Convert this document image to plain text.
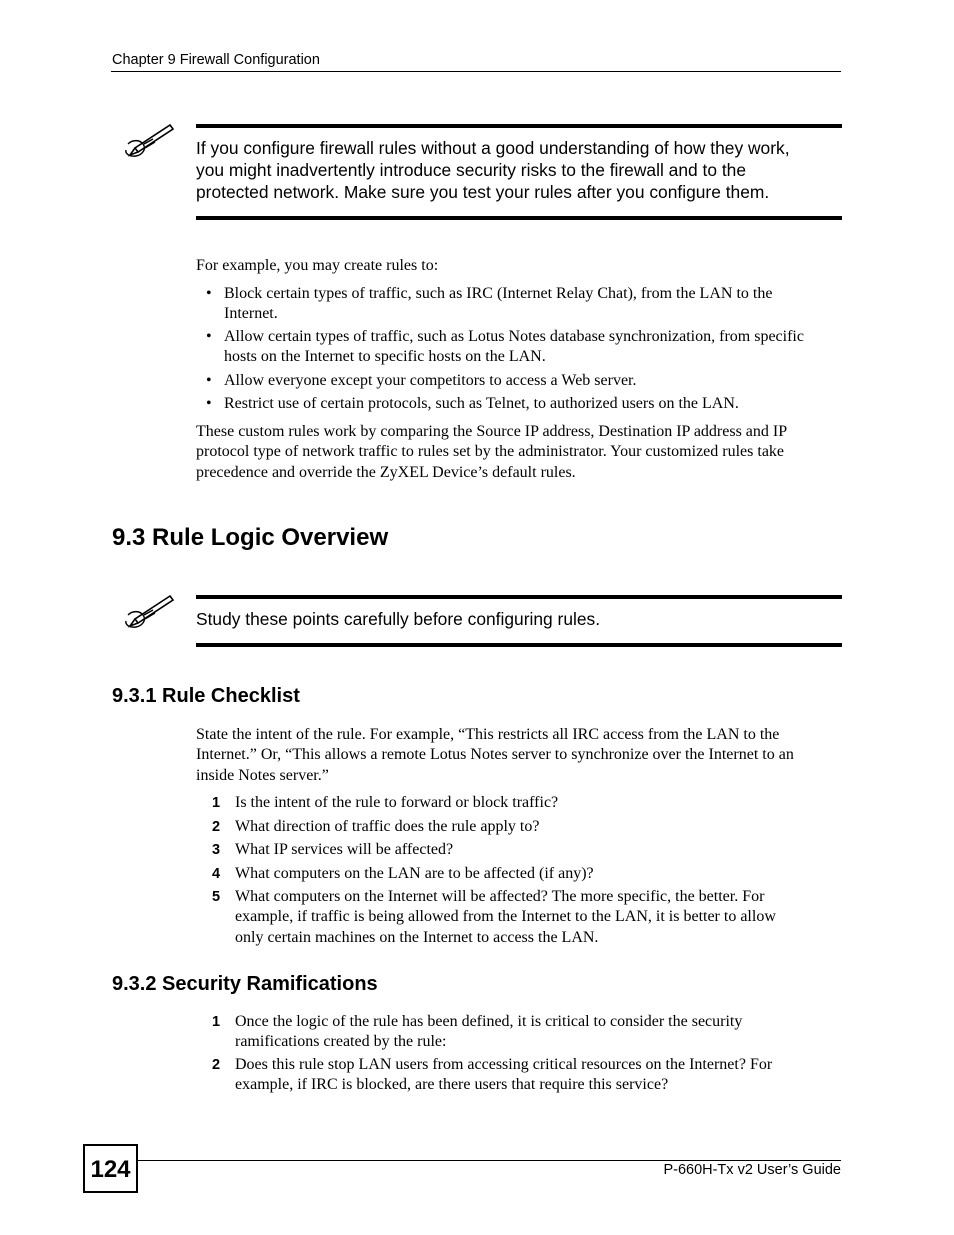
Chapter 9 Firewall Configuration
If you configure firewall rules without a good understanding of how they work,
you might inadvertently introduce security risks to the firewall and to the
protected network. Make sure you test your rules after you configure them.
For example, you may create rules to:
• Block certain types of traffic, such as IRC (Internet Relay Chat), from the LAN to the
Internet.
• Allow certain types of traffic, such as Lotus Notes database synchronization, from specific
hosts on the Internet to specific hosts on the LAN.
• Allow everyone except your competitors to access a Web server.
• Restrict use of certain protocols, such as Telnet, to authorized users on the LAN.
These custom rules work by comparing the Source IP address, Destination IP address and IP
protocol type of network traffic to rules set by the administrator. Your customized rules take
precedence and override the ZyXEL Device’s default rules.
9.3 Rule Logic Overview
Study these points carefully before configuring rules.
9.3.1 Rule Checklist
State the intent of the rule. For example, “This restricts all IRC access from the LAN to the
Internet.” Or, “This allows a remote Lotus Notes server to synchronize over the Internet to an
inside Notes server.”
1 Is the intent of the rule to forward or block traffic?
2 What direction of traffic does the rule apply to?
3 What IP services will be affected?
4 What computers on the LAN are to be affected (if any)?
5 What computers on the Internet will be affected? The more specific, the better. For
example, if traffic is being allowed from the Internet to the LAN, it is better to allow
only certain machines on the Internet to access the LAN.
9.3.2 Security Ramifications
1 Once the logic of the rule has been defined, it is critical to consider the security
ramifications created by the rule:
2 Does this rule stop LAN users from accessing critical resources on the Internet? For
example, if IRC is blocked, are there users that require this service?
124	P-660H-Tx v2 User’s Guide
